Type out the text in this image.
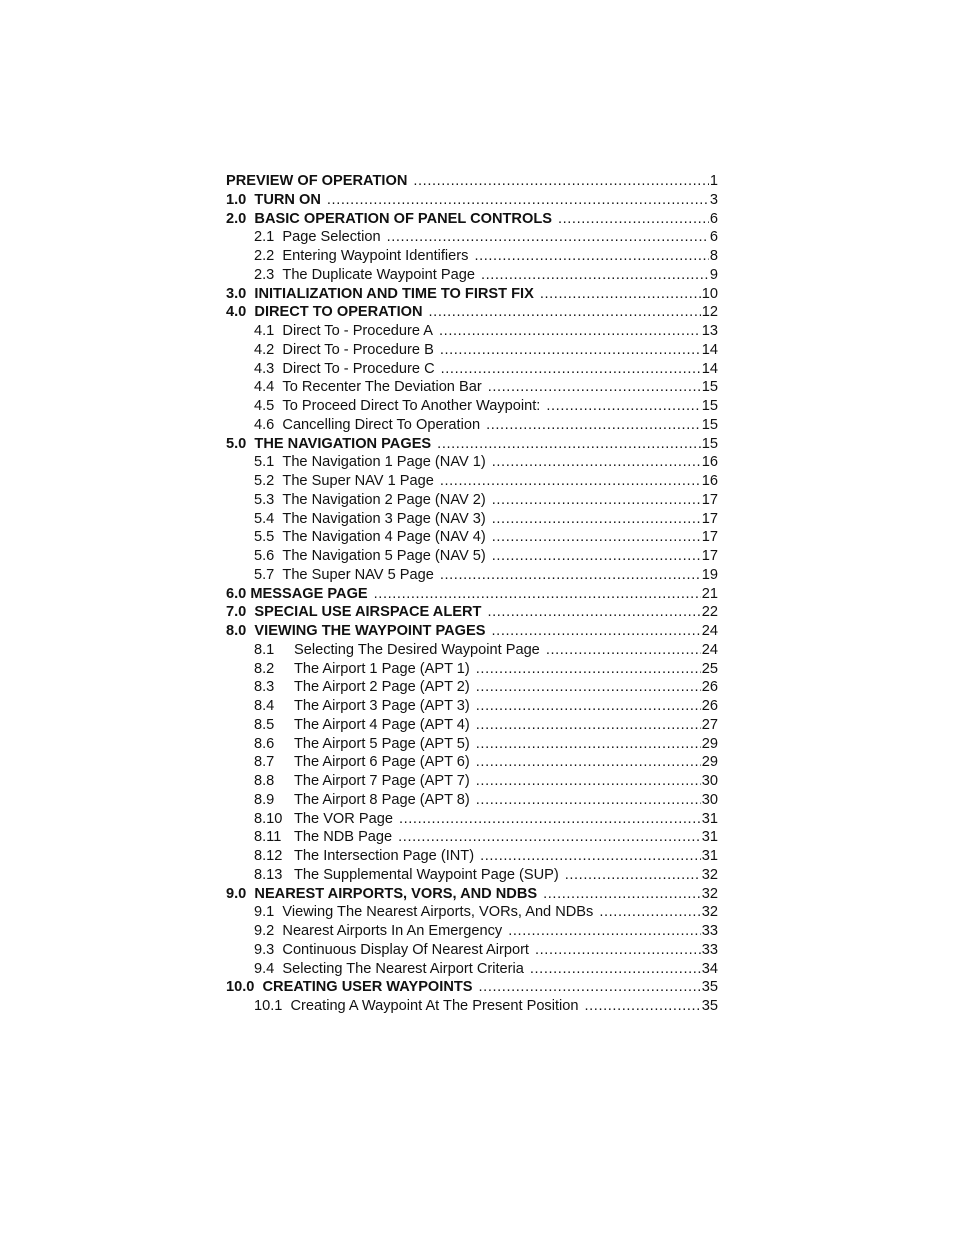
PREVIEW OF OPERATION .....	1
1.0 TURN ON .....	3
2.0 BASIC OPERATION OF PANEL CONTROLS .....	6
2.1 Page Selection .....	6
2.2 Entering Waypoint Identifiers .....	8
2.3 The Duplicate Waypoint Page .....	9
3.0 INITIALIZATION AND TIME TO FIRST FIX .....	10
4.0 DIRECT TO OPERATION .....	12
4.1 Direct To - Procedure A .....	13
4.2 Direct To - Procedure B .....	14
4.3 Direct To - Procedure C .....	14
4.4 To Recenter The Deviation Bar .....	15
4.5 To Proceed Direct To Another Waypoint: .....	15
4.6 Cancelling Direct To Operation .....	15
5.0 THE NAVIGATION PAGES .....	15
5.1 The Navigation 1 Page (NAV 1) .....	16
5.2 The Super NAV 1 Page .....	16
5.3 The Navigation 2 Page (NAV 2) .....	17
5.4 The Navigation 3 Page (NAV 3) .....	17
5.5 The Navigation 4 Page (NAV 4) .....	17
5.6 The Navigation 5 Page (NAV 5) .....	17
5.7 The Super NAV 5 Page .....	19
6.0 MESSAGE PAGE .....	21
7.0 SPECIAL USE AIRSPACE ALERT .....	22
8.0 VIEWING THE WAYPOINT PAGES .....	24
8.1	Selecting The Desired Waypoint Page .....	24
8.2	The Airport 1 Page (APT 1) .....	25
8.3	The Airport 2 Page (APT 2) .....	26
8.4	The Airport 3 Page (APT 3) .....	26
8.5	The Airport 4 Page (APT 4) .....	27
8.6	The Airport 5 Page (APT 5) .....	29
8.7	The Airport 6 Page (APT 6) .....	29
8.8	The Airport 7 Page (APT 7) .....	30
8.9	The Airport 8 Page (APT 8) .....	30
8.10 The VOR Page .....	31
8.11 The NDB Page .....	31
8.12 The Intersection Page (INT) .....	31
8.13 The Supplemental Waypoint Page (SUP) .....	32
9.0 NEAREST AIRPORTS, VORS, AND NDBS .....	32
9.1 Viewing The Nearest Airports, VORs, And NDBs .....	32
9.2 Nearest Airports In An Emergency .....	33
9.3 Continuous Display Of Nearest Airport .....	33
9.4 Selecting The Nearest Airport Criteria .....	34
10.0 CREATING USER WAYPOINTS .....	35
10.1 Creating A Waypoint At The Present Position .....	35
